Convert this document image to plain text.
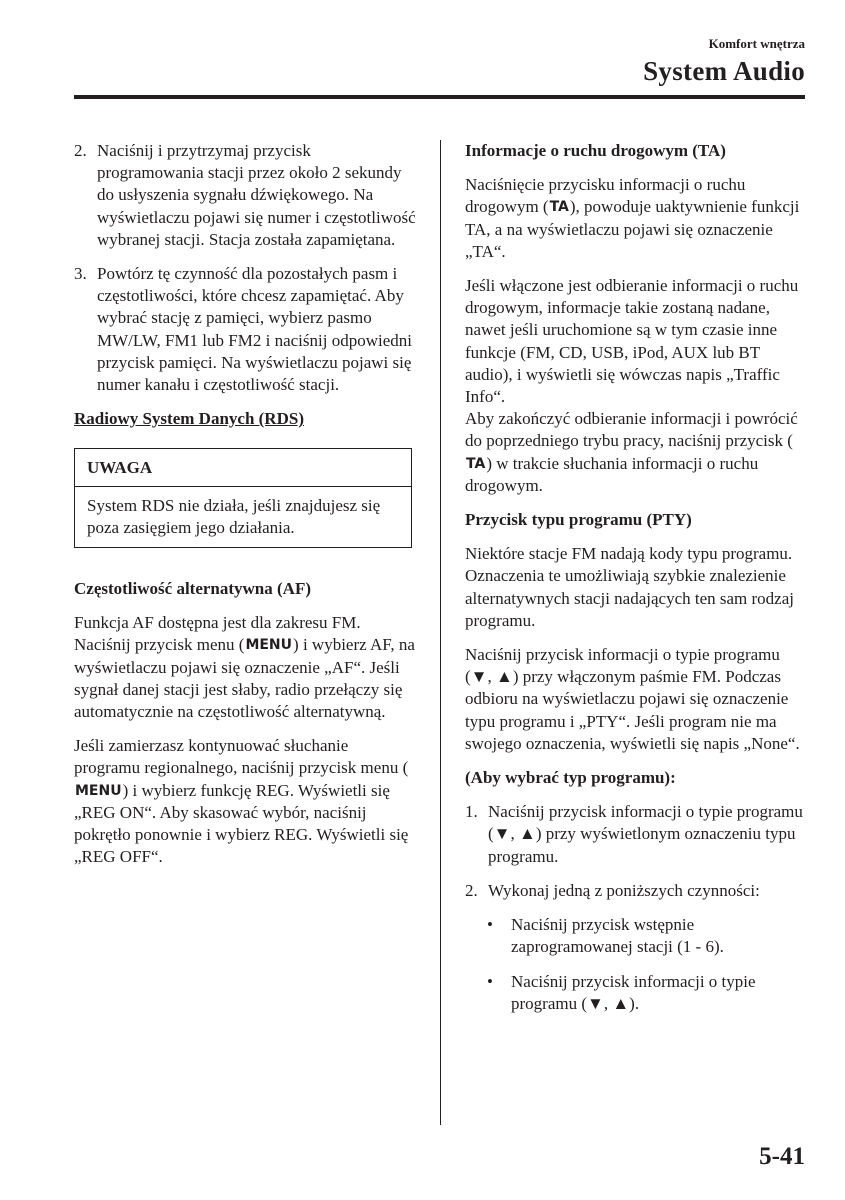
Komfort wnętrza
System Audio
2. Naciśnij i przytrzymaj przycisk programowania stacji przez około 2 sekundy do usłyszenia sygnału dźwiękowego. Na wyświetlaczu pojawi się numer i częstotliwość wybranej stacji. Stacja została zapamiętana.
3. Powtórz tę czynność dla pozostałych pasm i częstotliwości, które chcesz zapamiętać. Aby wybrać stację z pamięci, wybierz pasmo MW/LW, FM1 lub FM2 i naciśnij odpowiedni przycisk pamięci. Na wyświetlaczu pojawi się numer kanału i częstotliwość stacji.
Radiowy System Danych (RDS)
UWAGA
System RDS nie działa, jeśli znajdujesz się poza zasięgiem jego działania.
Częstotliwość alternatywna (AF)

Funkcja AF dostępna jest dla zakresu FM. Naciśnij przycisk menu (MENU) i wybierz AF, na wyświetlaczu pojawi się oznaczenie „AF“. Jeśli sygnał danej stacji jest słaby, radio przełączy się automatycznie na częstotliwość alternatywną.

Jeśli zamierzasz kontynuować słuchanie programu regionalnego, naciśnij przycisk menu (MENU) i wybierz funkcję REG. Wyświetli się „REG ON“. Aby skasować wybór, naciśnij pokrętło ponownie i wybierz REG. Wyświetli się „REG OFF“.

Informacje o ruchu drogowym (TA)

Naciśnięcie przycisku informacji o ruchu drogowym (TA), powoduje uaktywnienie funkcji TA, a na wyświetlaczu pojawi się oznaczenie „TA“.

Jeśli włączone jest odbieranie informacji o ruchu drogowym, informacje takie zostaną nadane, nawet jeśli uruchomione są w tym czasie inne funkcje (FM, CD, USB, iPod, AUX lub BT audio), i wyświetli się wówczas napis „Traffic Info“.
Aby zakończyć odbieranie informacji i powrócić do poprzedniego trybu pracy, naciśnij przycisk (TA) w trakcie słuchania informacji o ruchu drogowym.

Przycisk typu programu (PTY)

Niektóre stacje FM nadają kody typu programu. Oznaczenia te umożliwiają szybkie znalezienie alternatywnych stacji nadających ten sam rodzaj programu.

Naciśnij przycisk informacji o typie programu (▼, ▲) przy włączonym paśmie FM. Podczas odbioru na wyświetlaczu pojawi się oznaczenie typu programu i „PTY“. Jeśli program nie ma swojego oznaczenia, wyświetli się napis „None“.

(Aby wybrać typ programu):
1. Naciśnij przycisk informacji o typie programu (▼, ▲) przy wyświetlonym oznaczeniu typu programu.
2. Wykonaj jedną z poniższych czynności:
•	Naciśnij przycisk wstępnie zaprogramowanej stacji (1 - 6).
•	Naciśnij przycisk informacji o typie programu (▼, ▲).
5-41
